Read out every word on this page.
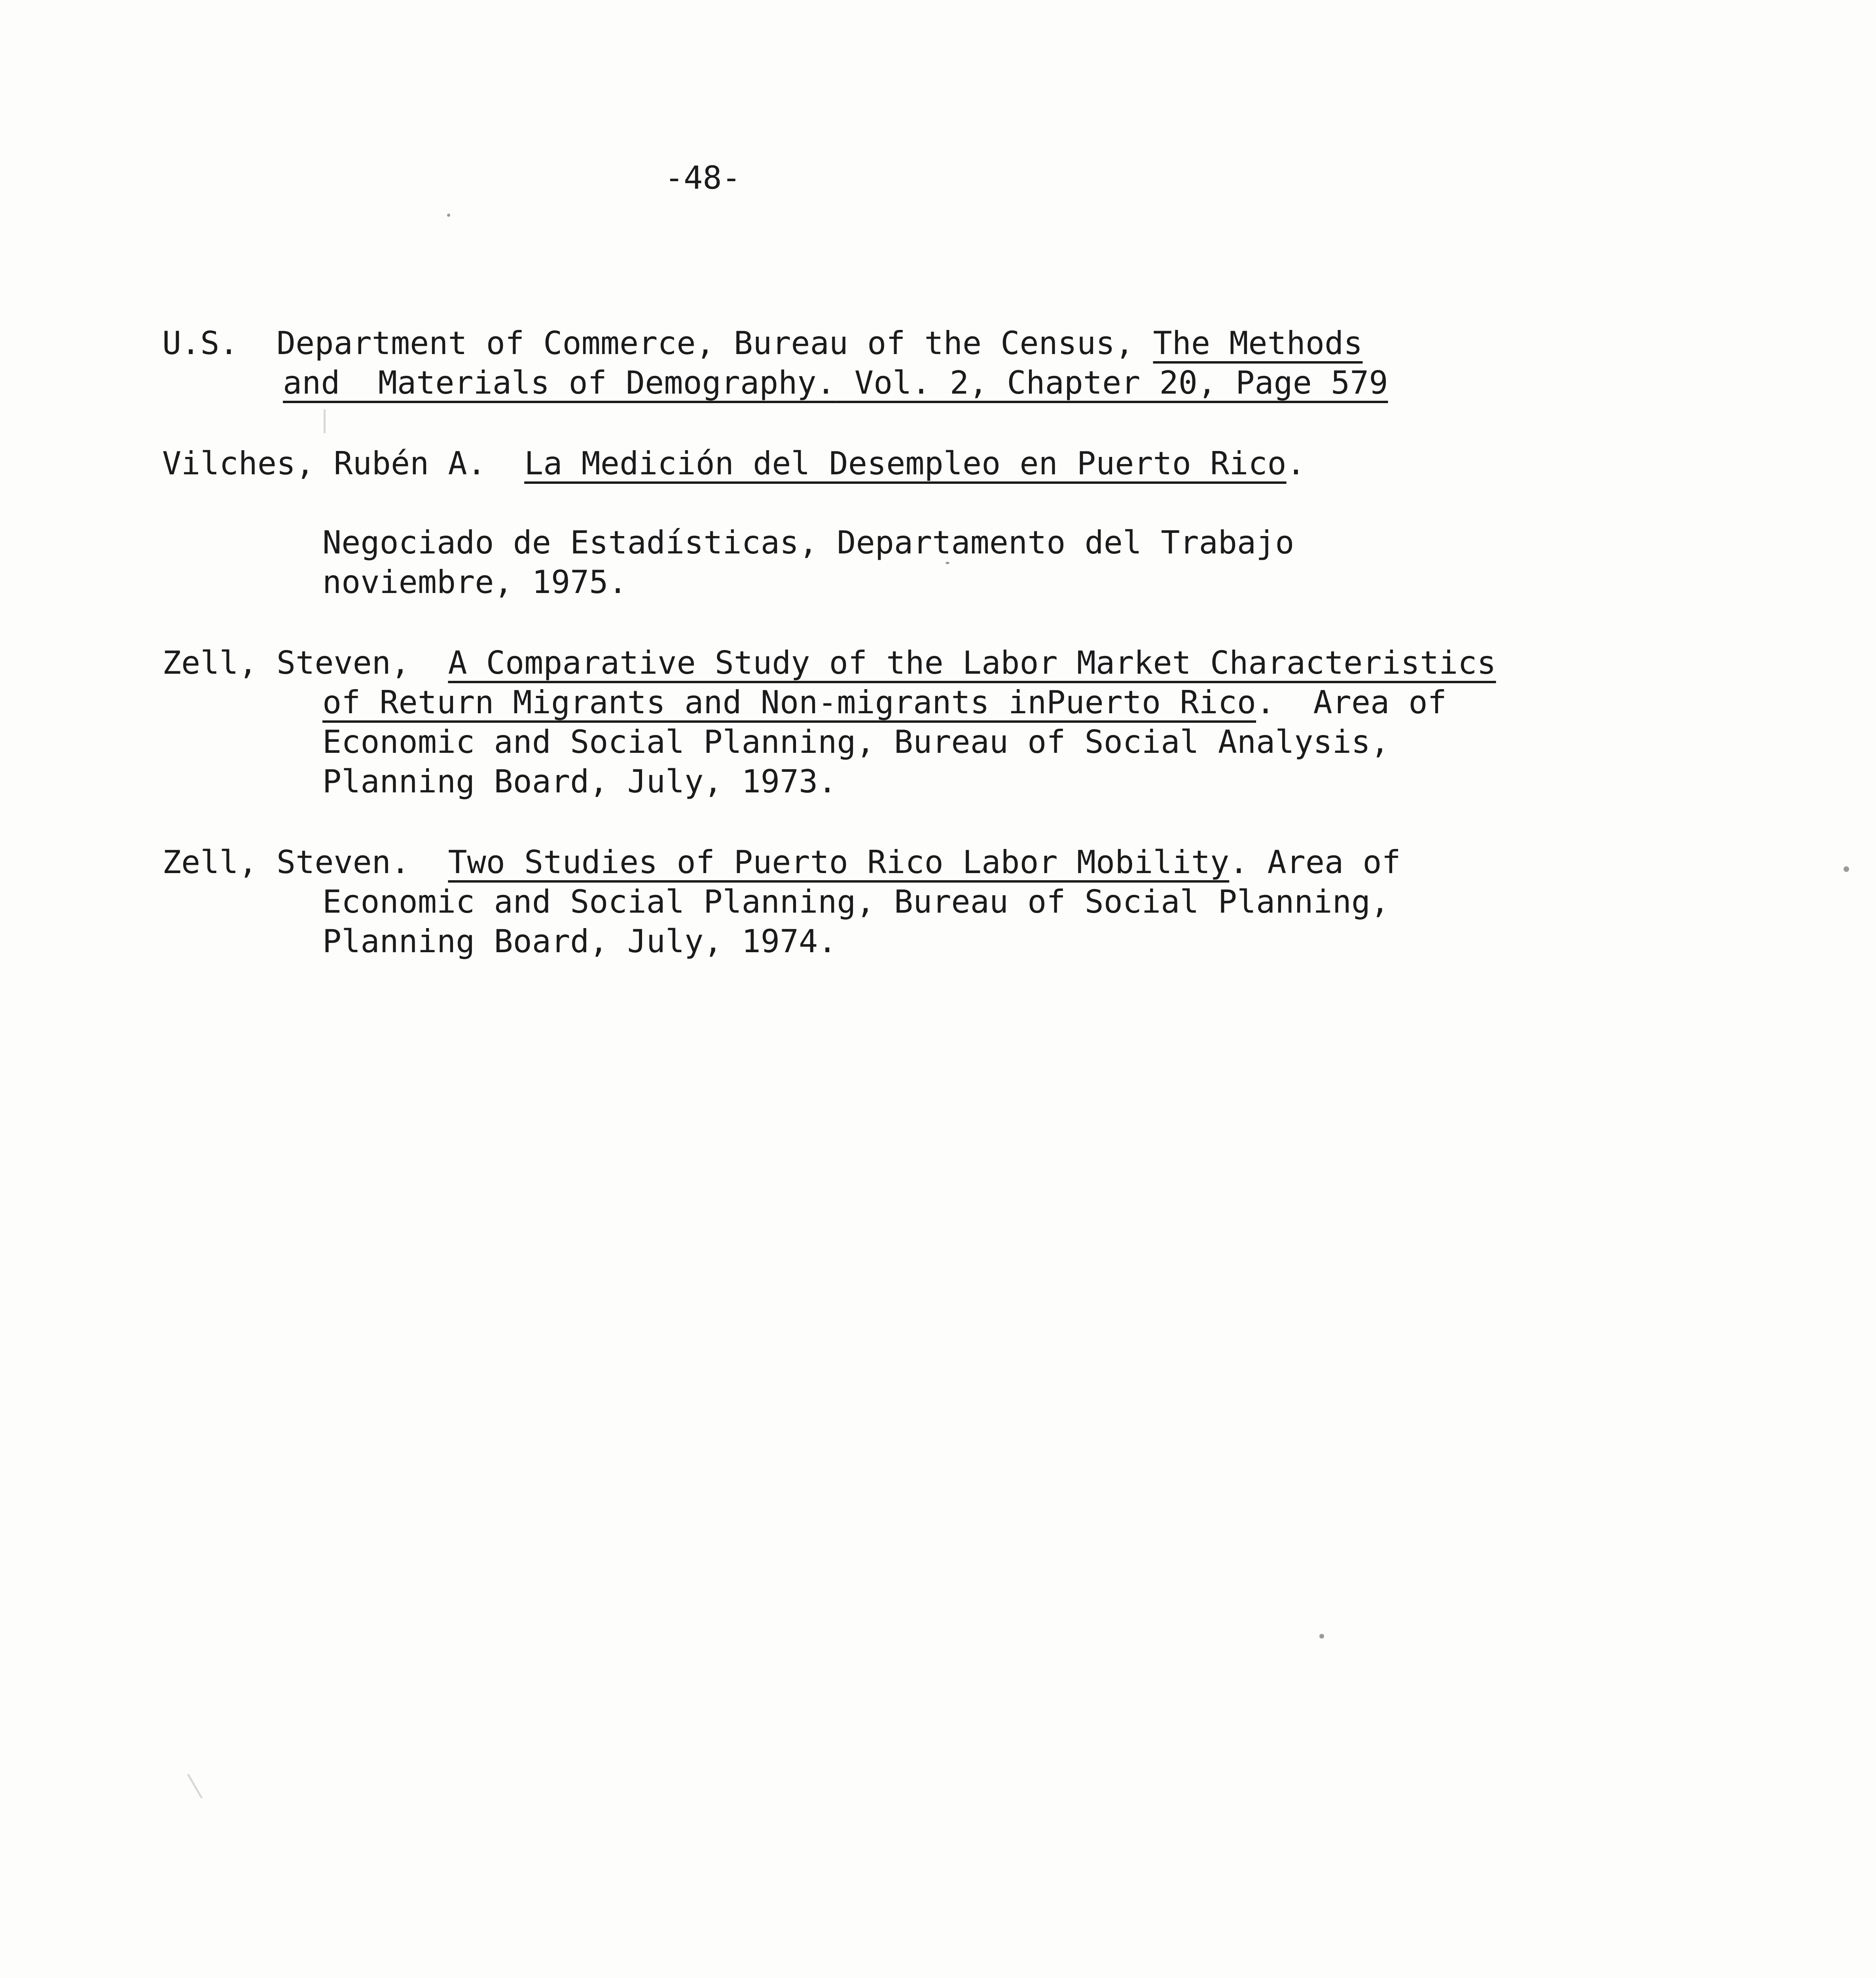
-48-
U.S.  Department of Commerce, Bureau of the Census, The Methods
and  Materials of Demography. Vol. 2, Chapter 20, Page 579
Vilches, Rubén A.  La Medición del Desempleo en Puerto Rico.
Negociado de Estadísticas, Departamento del Trabajo
noviembre, 1975.
Zell, Steven,  A Comparative Study of the Labor Market Characteristics
of Return Migrants and Non-migrants inPuerto Rico.  Area of
Economic and Social Planning, Bureau of Social Analysis,
Planning Board, July, 1973.
Zell, Steven.  Two Studies of Puerto Rico Labor Mobility. Area of
Economic and Social Planning, Bureau of Social Planning,
Planning Board, July, 1974.
